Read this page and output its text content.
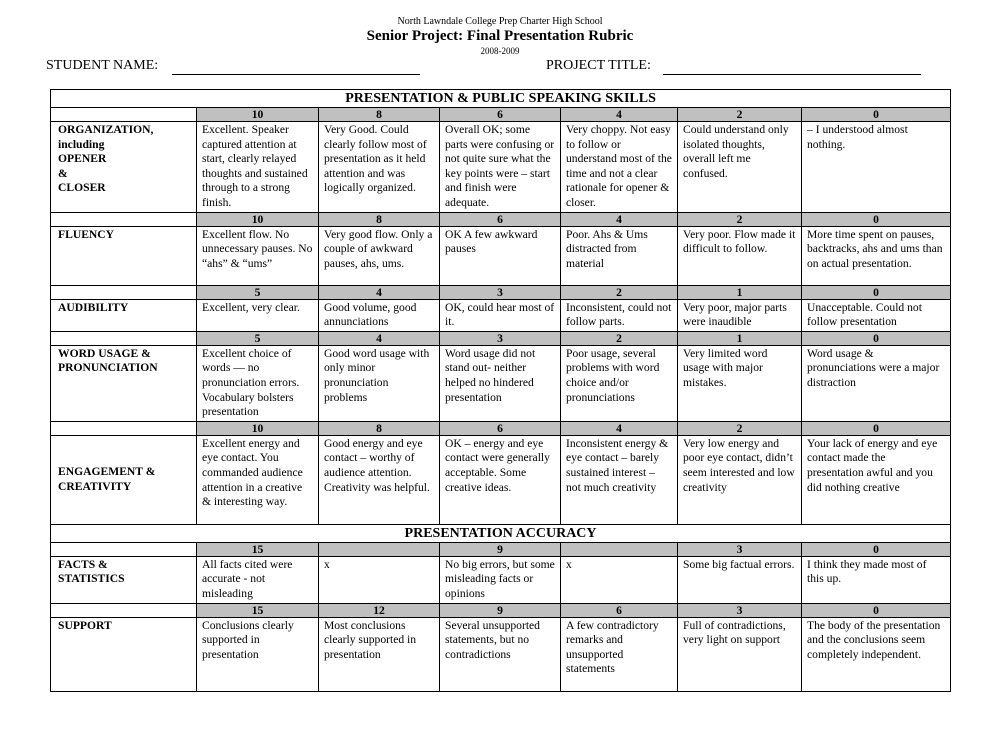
North Lawndale College Prep Charter High School
Senior Project: Final Presentation Rubric
2008-2009
STUDENT NAME:	PROJECT TITLE:
PRESENTATION & PUBLIC SPEAKING SKILLS						
	10	8	6	4	2	0

ORGANIZATION,
including
OPENER
&
CLOSER	Excellent. Speaker captured attention at start, clearly relayed thoughts and sustained through to a strong finish.	Very Good. Could clearly follow most of presentation as it held attention and was logically organized.	Overall OK; some parts were confusing or not quite sure what the key points were – start and finish were adequate.	Very choppy. Not easy to follow or understand most of the time and not a clear rationale for opener & closer.	Could understand only isolated thoughts, overall left me confused.	– I understood almost nothing.
	10	8	6	4	2	0

FLUENCY	Excellent flow. No unnecessary pauses. No “ahs” & “ums”	Very good flow. Only a couple of awkward pauses, ahs, ums.	OK A few awkward pauses	Poor. Ahs & Ums distracted from material	Very poor. Flow made it difficult to follow.	More time spent on pauses, backtracks, ahs and ums than on actual presentation.
	5	4	3	2	1	0

AUDIBILITY	Excellent, very clear.	Good volume, good annunciations	OK, could hear most of it.	Inconsistent, could not follow parts.	Very poor, major parts were inaudible	Unacceptable. Could not follow presentation
	5	4	3	2	1	0

WORD USAGE &
PRONUNCIATION	Excellent choice of words — no pronunciation errors. Vocabulary bolsters presentation	Good word usage with only minor pronunciation problems	Word usage did not stand out- neither helped no hindered presentation	Poor usage, several problems with word choice and/or pronunciations	Very limited word usage with major mistakes.	Word usage & pronunciations were a major distraction
	10	8	6	4	2	0

ENGAGEMENT &
CREATIVITY	Excellent energy and eye contact. You commanded audience attention in a creative & interesting way.	Good energy and eye contact – worthy of audience attention. Creativity was helpful.	OK – energy and eye contact were generally acceptable. Some creative ideas.	Inconsistent energy & eye contact – barely sustained interest – not much creativity	Very low energy and poor eye contact, didn’t seem interested and low creativity	Your lack of energy and eye contact made the presentation awful and you did nothing creative
PRESENTATION ACCURACY						
	15		9		3	0

FACTS &
STATISTICS	All facts cited were accurate - not misleading	x	No big errors, but some misleading facts or opinions	x	Some big factual errors.	I think they made most of this up.
	15	12	9	6	3	0

SUPPORT	Conclusions clearly supported in presentation	Most conclusions clearly supported in presentation	Several unsupported statements, but no contradictions	A few contradictory remarks and unsupported statements	Full of contradictions, very light on support	The body of the presentation and the conclusions seem completely independent.
